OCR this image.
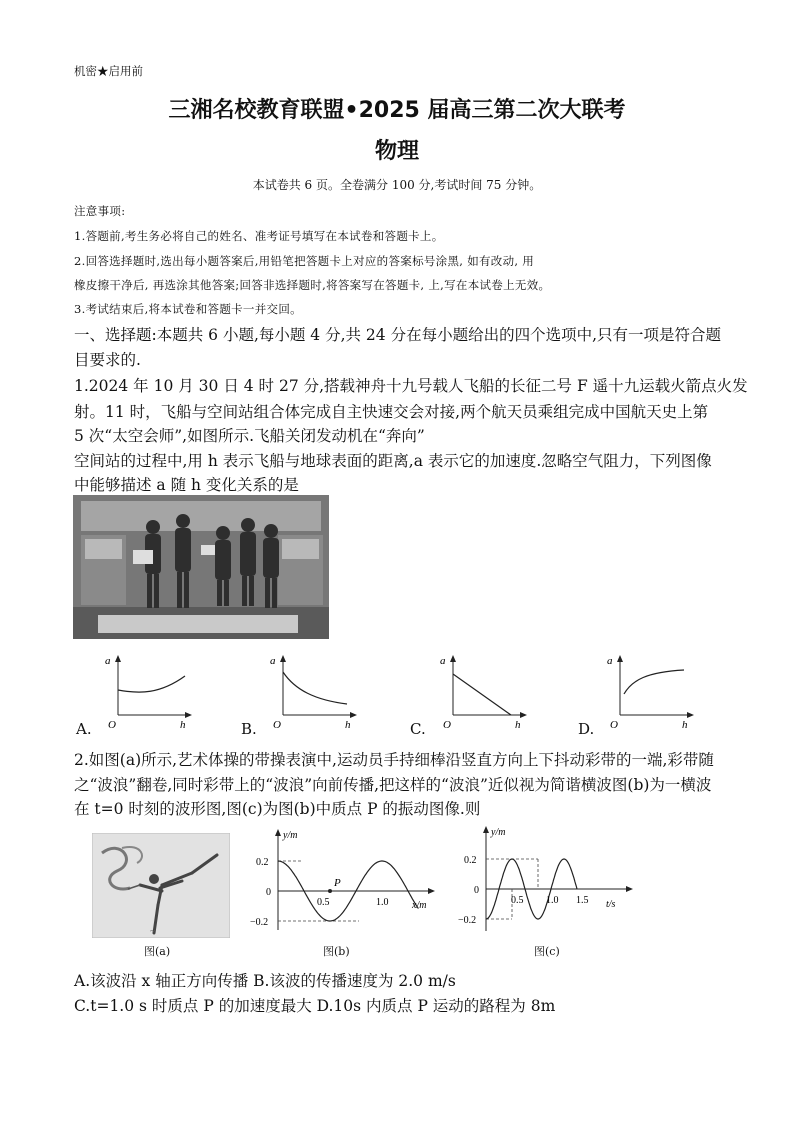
机密★启用前
三湘名校教育联盟•2025 届高三第二次大联考
物理
本试卷共 6 页。全卷满分 100 分,考试时间 75 分钟。
注意事项:
1.答题前,考生务必将自己的姓名、准考证号填写在本试卷和答题卡上。
2.回答选择题时,选出每小题答案后,用铅笔把答题卡上对应的答案标号涂黑, 如有改动, 用
橡皮擦干净后, 再选涂其他答案;回答非选择题时,将答案写在答题卡, 上,写在本试卷上无效。
3.考试结束后,将本试卷和答题卡一并交回。
一、选择题:本题共 6 小题,每小题 4 分,共 24 分在每小题给出的四个选项中,只有一项是符合题
目要求的.
1.2024 年 10 月 30 日 4 时 27 分,搭载神舟十九号载人飞船的长征二号 F 遥十九运载火箭点火发
射。11 时，飞船与空间站组合体完成自主快速交会对接,两个航天员乘组完成中国航天史上第
5 次“太空会师”,如图所示.飞船关闭发动机在“奔向”
空间站的过程中,用 h 表示飞船与地球表面的距离,a 表示它的加速度.忽略空气阻力，下列图像
中能够描述 a 随 h 变化关系的是
a
O	h
A.
a
O	h
B.
a
O	h
C.
a
O	h
D.
2.如图(a)所示,艺术体操的带操表演中,运动员手持细棒沿竖直方向上下抖动彩带的一端,彩带随
之“波浪”翻卷,同时彩带上的“波浪”向前传播,把这样的“波浪”近似视为简谐横波图(b)为一横波
在 t=0 时刻的波形图,图(c)为图(b)中质点 P 的振动图像.则
~
图(a)
P
y/m
x/m
0.2
0
−0.2
0.5	1.0
图(b)
y/m
t/s
0.2
0
−0.2
0.5 1.0 1.5
图(c)
A.该波沿 x 轴正方向传播 B.该波的传播速度为 2.0 m/s
C.t=1.0 s 时质点 P 的加速度最大 D.10s 内质点 P 运动的路程为 8m
